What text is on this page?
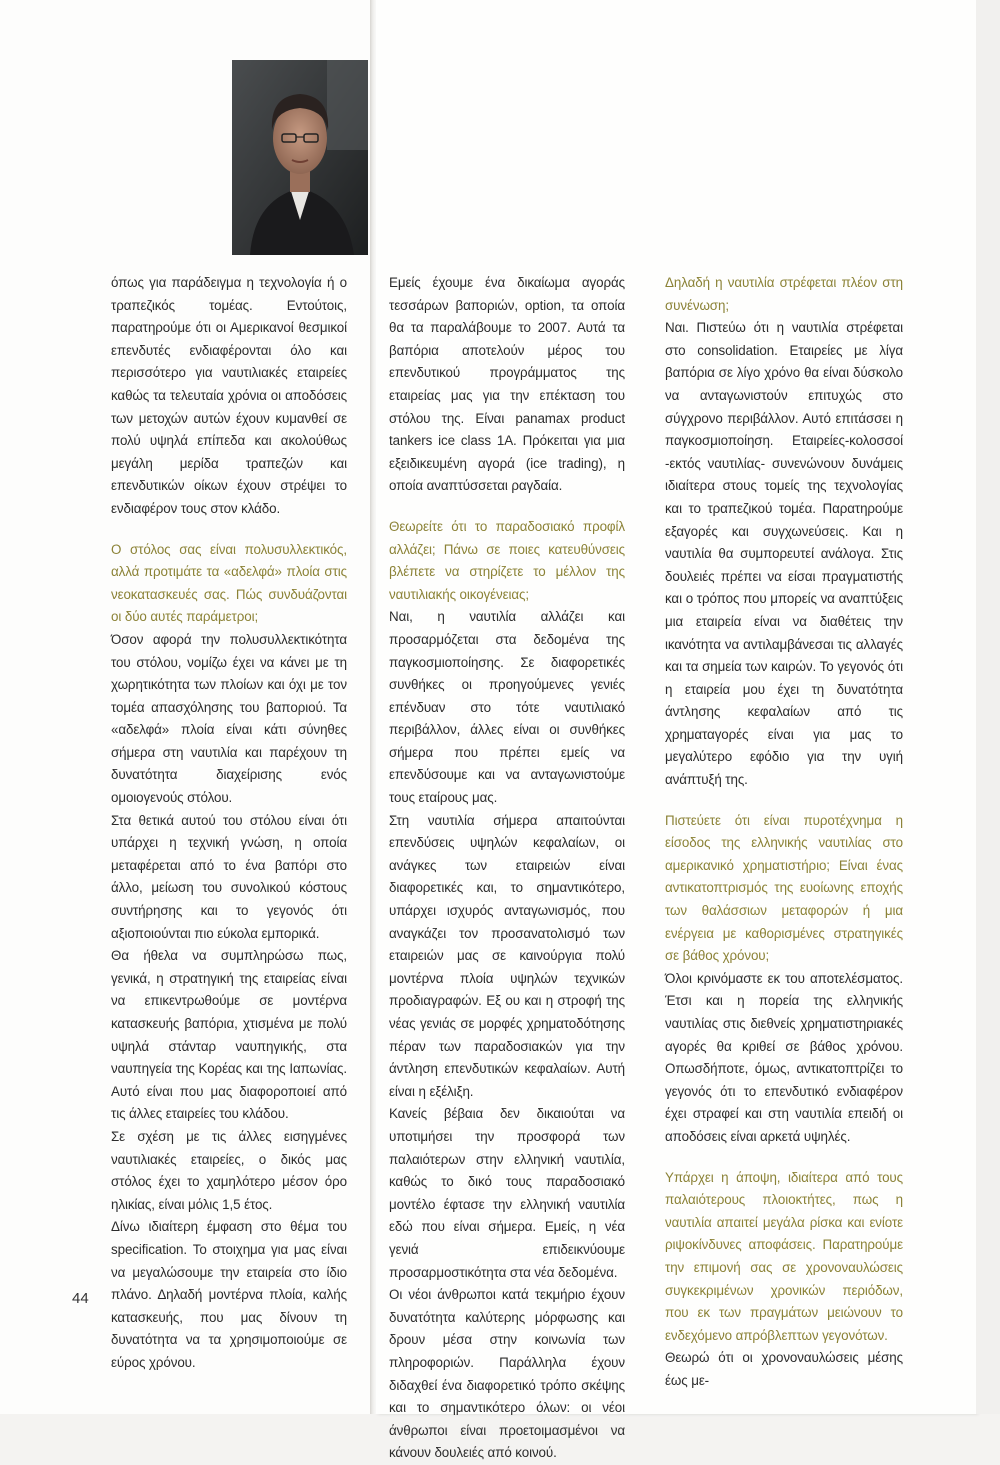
όπως για παράδειγμα η τεχνολογία ή ο τραπεζικός τομέας. Εντούτοις, παρατηρούμε ότι οι Αμερικανοί θεσμικοί επενδυτές ενδιαφέρονται όλο και περισσότερο για ναυτιλιακές εταιρείες καθώς τα τελευταία χρόνια οι αποδόσεις των μετοχών αυτών έχουν κυμανθεί σε πολύ υψηλά επίπεδα και ακολούθως μεγάλη μερίδα τραπεζών και επενδυτικών οίκων έχουν στρέψει το ενδιαφέρον τους στον κλάδο.

Ο στόλος σας είναι πολυσυλλεκτικός, αλλά προτιμάτε τα «αδελφά» πλοία στις νεοκατασκευές σας. Πώς συνδυάζονται οι δύο αυτές παράμετροι;

Όσον αφορά την πολυσυλλεκτικότητα του στόλου, νομίζω έχει να κάνει με τη χωρητικότητα των πλοίων και όχι με τον τομέα απασχόλησης του βαπoριού. Τα «αδελφά» πλοία είναι κάτι σύνηθες σήμερα στη ναυτιλία και παρέχουν τη δυνατότητα διαχείρισης ενός ομοιογενούς στόλου.

Στα θετικά αυτού του στόλου είναι ότι υπάρχει η τεχνική γνώση, η οποία μεταφέρεται από το ένα βαπόρι στο άλλο, μείωση του συνολικού κόστους συντήρησης και το γεγονός ότι αξιοπoιoύνται πιο εύκολα εμπορικά.

Θα ήθελα να συμπληρώσω πως, γενικά, η στρατηγική της εταιρείας είναι να επικεντρωθούμε σε μοντέρνα κατασκευής βαπόρια, χτισμένα με πολύ υψηλά στάνταρ ναυπηγικής, στα ναυπηγεία της Κορέας και της Ιαπωνίας. Αυτό είναι που μας διαφοροποιεί από τις άλλες εταιρείες του κλάδου.

Σε σχέση με τις άλλες εισηγμένες ναυτιλιακές εταιρείες, ο δικός μας στόλος έχει το χαμηλότερο μέσον όρο ηλικίας, είναι μόλις 1,5 έτος.

Δίνω ιδιαίτερη έμφαση στο θέμα του specification. Το στοιχημα για μας είναι να μεγαλώσουμε την εταιρεία στο ίδιο πλάνο. Δηλαδή μοντέρνα πλοία, καλής κατασκευής, που μας δίνουν τη δυνατότητα να τα χρησιμοποιούμε σε εύρος χρόνου.

Εμείς έχουμε ένα δικαίωμα αγοράς τεσσάρων βαποριών, option, τα οποία θα τα παραλάβουμε το 2007. Αυτά τα βαπόρια αποτελούν μέρος του επενδυτικού προγράμματος της εταιρείας μας για την επέκταση του στόλου της. Είναι panamax product tankers ice class 1A. Πρόκειται για μια εξειδικευμένη αγορά (ice trading), η οποία αναπτύσσεται ραγδαία.

Θεωρείτε ότι το παραδοσιακό προφίλ αλλάζει; Πάνω σε ποιες κατευθύνσεις βλέπετε να στηρίζετε το μέλλον της ναυτιλιακής οικογένειας;

Ναι, η ναυτιλία αλλάζει και προσαρμόζεται στα δεδομένα της παγκοσμιοποίησης. Σε διαφορετικές συνθήκες οι προηγούμενες γενιές επένδυαν στο τότε ναυτιλιακό περιβάλλον, άλλες είναι οι συνθήκες σήμερα που πρέπει εμείς να επενδύσουμε και να ανταγωνιστούμε τους εταίρους μας.

Στη ναυτιλία σήμερα απαιτούνται επενδύσεις υψηλών κεφαλαίων, οι ανάγκες των εταιρειών είναι διαφορετικές και, το σημαντικότερο, υπάρχει ισχυρός ανταγωνισμός, που αναγκάζει τον προσανατολισμό των εταιρειών μας σε καινούργια πολύ μοντέρνα πλοία υψηλών τεχνικών προδιαγραφών. Εξ ου και η στροφή της νέας γενιάς σε μορφές χρηματοδότησης πέραν των παραδοσιακών για την άντληση επενδυτικών κεφαλαίων. Αυτή είναι η εξέλιξη.

Κανείς βέβαια δεν δικαιούται να υποτιμήσει την προσφορά των παλαιότερων στην ελληνική ναυτιλία, καθώς το δικό τους παραδοσιακό μοντέλο έφτασε την ελληνική ναυτιλία εδώ που είναι σήμερα. Εμείς, η νέα γενιά επιδεικνύουμε προσαρμοστικότητα στα νέα δεδομένα.

Οι νέοι άνθρωποι κατά τεκμήριο έχουν δυνατότητα καλύτερης μόρφωσης και δρουν μέσα στην κοινωνία των πληροφοριών. Παράλληλα έχουν διδαχθεί ένα διαφορετικό τρόπο σκέψης και το σημαντικότερο όλων: οι νέοι άνθρωποι είναι προετοιμασμένοι να κάνουν δουλειές από κοινού.

Δηλαδή η ναυτιλία στρέφεται πλέον στη συνένωση;

Ναι. Πιστεύω ότι η ναυτιλία στρέφεται στο consolidation. Εταιρείες με λίγα βαπόρια σε λίγο χρόνο θα είναι δύσκολο να ανταγωνιστούν επιτυχώς στο σύγχρονο περιβάλλον. Αυτό επιτάσσει η παγκοσμιοποίηση. Εταιρείες-κολοσσοί -εκτός ναυτιλίας- συνενώνουν δυνάμεις ιδιαίτερα στους τομείς της τεχνολογίας και το τραπεζικού τομέα. Παρατηρούμε εξαγορές και συγχωνεύσεις. Και η ναυτιλία θα συμπορευτεί ανάλογα. Στις δουλειές πρέπει να είσαι πραγματιστής και ο τρόπος που μπορείς να αναπτύξεις μια εταιρεία είναι να διαθέτεις την ικανότητα να αντιλαμβάνεσαι τις αλλαγές και τα σημεία των καιρών. Το γεγονός ότι η εταιρεία μου έχει τη δυνατότητα άντλησης κεφαλαίων από τις χρηματαγορές είναι για μας το μεγαλύτερο εφόδιο για την υγιή ανάπτυξή της.

Πιστεύετε ότι είναι πυροτέχνημα η είσοδος της ελληνικής ναυτιλίας στο αμερικανικό χρηματιστήριο; Είναι ένας αντικατοπτρισμός της ευοίωνης εποχής των θαλάσσιων μεταφορών ή μια ενέργεια με καθορισμένες στρατηγικές σε βάθος χρόνου;

Όλοι κρινόμαστε εκ του αποτελέσματος. Έτσι και η πορεία της ελληνικής ναυτιλίας στις διεθνείς χρηματιστηριακές αγορές θα κριθεί σε βάθος χρόνου. Οπωσδήποτε, όμως, αντικατοπτρίζει το γεγονός ότι το επενδυτικό ενδιαφέρον έχει στραφεί και στη ναυτιλία επειδή οι αποδόσεις είναι αρκετά υψηλές.

Υπάρχει η άποψη, ιδιαίτερα από τους παλαιότερους πλοιοκτήτες, πως η ναυτιλία απαιτεί μεγάλα ρίσκα και ενίοτε ριψοκίνδυνες αποφάσεις. Παρατηρούμε την επιμονή σας σε χρονοναυλώσεις συγκεκριμένων χρονικών περιόδων, που εκ των πραγμάτων μειώνουν το ενδεχόμενο απρόβλεπτων γεγονότων.

Θεωρώ ότι οι χρονοναυλώσεις μέσης έως με-

44
